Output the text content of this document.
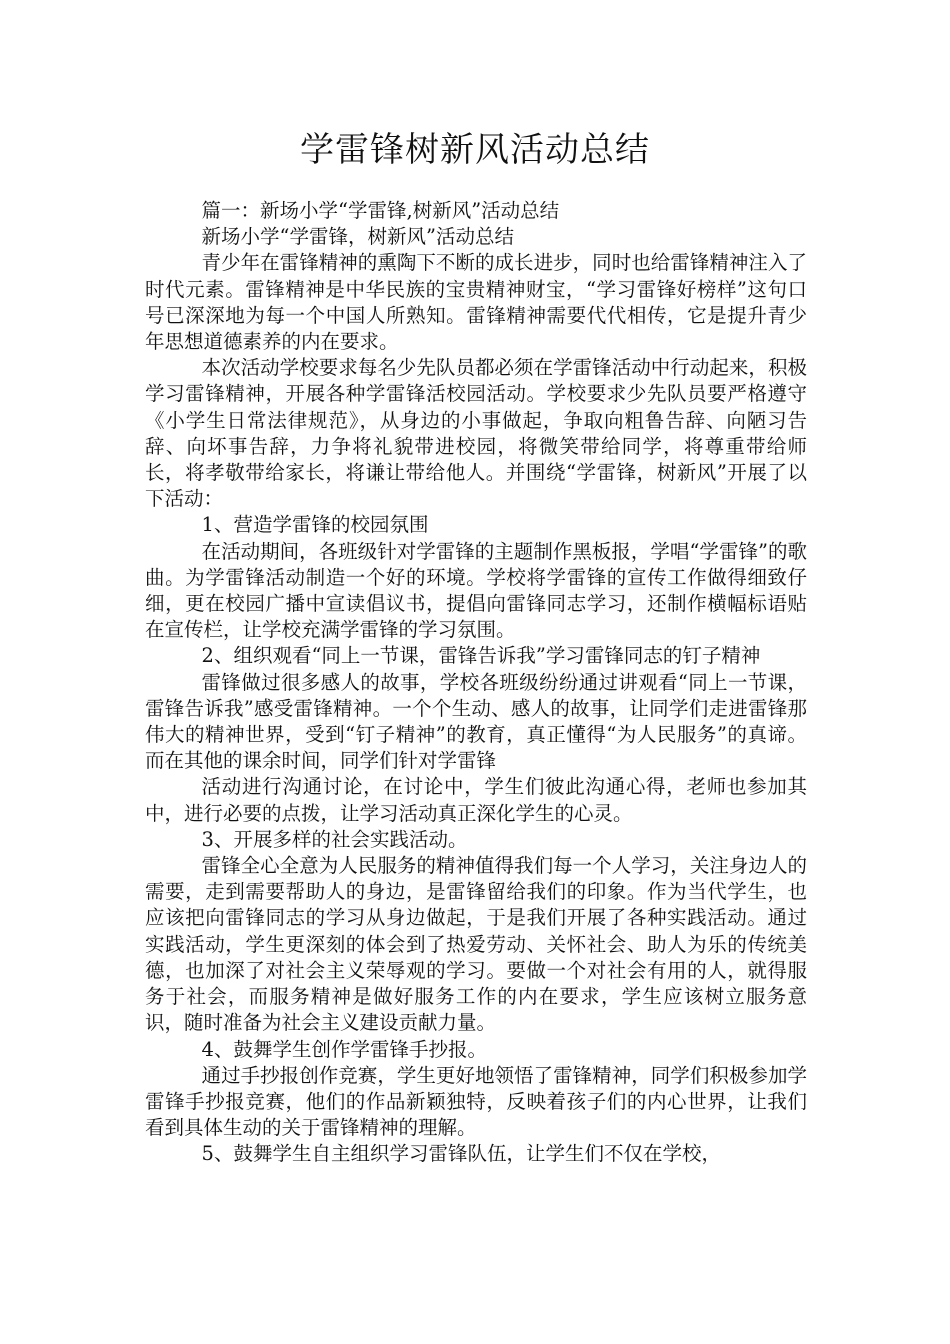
学雷锋树新风活动总结

篇一：新场小学“学雷锋,树新风”活动总结

新场小学“学雷锋，树新风”活动总结

青少年在雷锋精神的熏陶下不断的成长进步，同时也给雷锋精神注入了时代元素。雷锋精神是中华民族的宝贵精神财宝，“学习雷锋好榜样”这句口号已深深地为每一个中国人所熟知。雷锋精神需要代代相传，它是提升青少年思想道德素养的内在要求。

本次活动学校要求每名少先队员都必须在学雷锋活动中行动起来，积极学习雷锋精神，开展各种学雷锋活校园活动。学校要求少先队员要严格遵守《小学生日常法律规范》，从身边的小事做起，争取向粗鲁告辞、向陋习告辞、向坏事告辞，力争将礼貌带进校园，将微笑带给同学，将尊重带给师长，将孝敬带给家长，将谦让带给他人。并围绕“学雷锋，树新风”开展了以下活动：

1、营造学雷锋的校园氛围

在活动期间，各班级针对学雷锋的主题制作黑板报，学唱“学雷锋”的歌曲。为学雷锋活动制造一个好的环境。学校将学雷锋的宣传工作做得细致仔细，更在校园广播中宣读倡议书，提倡向雷锋同志学习，还制作横幅标语贴在宣传栏，让学校充满学雷锋的学习氛围。

2、组织观看“同上一节课，雷锋告诉我”学习雷锋同志的钉子精神

雷锋做过很多感人的故事，学校各班级纷纷通过讲观看“同上一节课，雷锋告诉我”感受雷锋精神。一个个生动、感人的故事，让同学们走进雷锋那伟大的精神世界，受到“钉子精神”的教育，真正懂得“为人民服务”的真谛。而在其他的课余时间，同学们针对学雷锋

活动进行沟通讨论，在讨论中，学生们彼此沟通心得，老师也参加其中，进行必要的点拨，让学习活动真正深化学生的心灵。

3、开展多样的社会实践活动。

雷锋全心全意为人民服务的精神值得我们每一个人学习，关注身边人的需要，走到需要帮助人的身边，是雷锋留给我们的印象。作为当代学生，也应该把向雷锋同志的学习从身边做起，于是我们开展了各种实践活动。通过实践活动，学生更深刻的体会到了热爱劳动、关怀社会、助人为乐的传统美德，也加深了对社会主义荣辱观的学习。要做一个对社会有用的人，就得服务于社会，而服务精神是做好服务工作的内在要求，学生应该树立服务意识，随时准备为社会主义建设贡献力量。

4、鼓舞学生创作学雷锋手抄报。

通过手抄报创作竞赛，学生更好地领悟了雷锋精神，同学们积极参加学雷锋手抄报竞赛，他们的作品新颖独特，反映着孩子们的内心世界，让我们看到具体生动的关于雷锋精神的理解。

5、鼓舞学生自主组织学习雷锋队伍，让学生们不仅在学校，
